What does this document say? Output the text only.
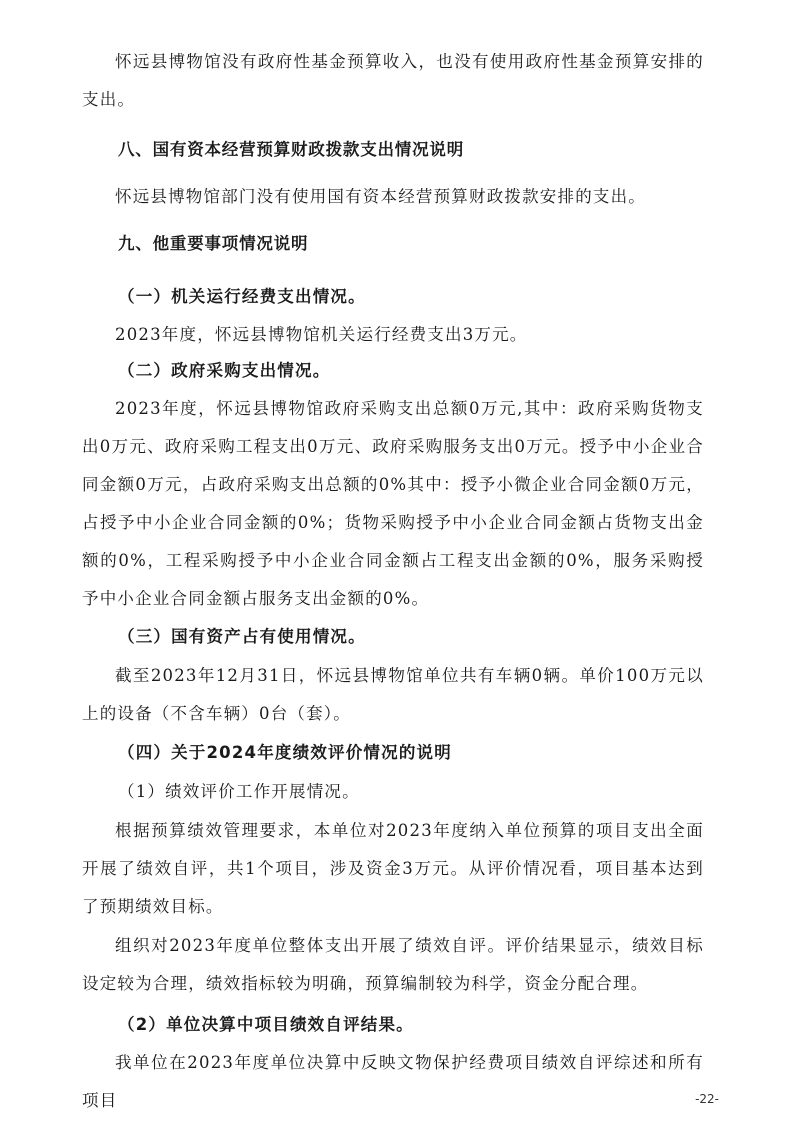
怀远县博物馆没有政府性基金预算收入，也没有使用政府性基金预算安排的支出。

八、国有资本经营预算财政拨款支出情况说明

怀远县博物馆部门没有使用国有资本经营预算财政拨款安排的支出。

九、他重要事项情况说明
（一）机关运行经费支出情况。

2023年度，怀远县博物馆机关运行经费支出3万元。

（二）政府采购支出情况。

2023年度，怀远县博物馆政府采购支出总额0万元,其中：政府采购货物支出0万元、政府采购工程支出0万元、政府采购服务支出0万元。授予中小企业合同金额0万元，占政府采购支出总额的0%其中：授予小微企业合同金额0万元，占授予中小企业合同金额的0%；货物采购授予中小企业合同金额占货物支出金额的0%，工程采购授予中小企业合同金额占工程支出金额的0%，服务采购授予中小企业合同金额占服务支出金额的0%。

（三）国有资产占有使用情况。

截至2023年12月31日，怀远县博物馆单位共有车辆0辆。单价100万元以上的设备（不含车辆）0台（套）。

（四）关于2024年度绩效评价情况的说明
（1）绩效评价工作开展情况。

根据预算绩效管理要求，本单位对2023年度纳入单位预算的项目支出全面开展了绩效自评，共1个项目，涉及资金3万元。从评价情况看，项目基本达到了预期绩效目标。

组织对2023年度单位整体支出开展了绩效自评。评价结果显示，绩效目标设定较为合理，绩效指标较为明确，预算编制较为科学，资金分配合理。

（2）单位决算中项目绩效自评结果。

我单位在2023年度单位决算中反映文物保护经费项目绩效自评综述和所有项目	-22-
